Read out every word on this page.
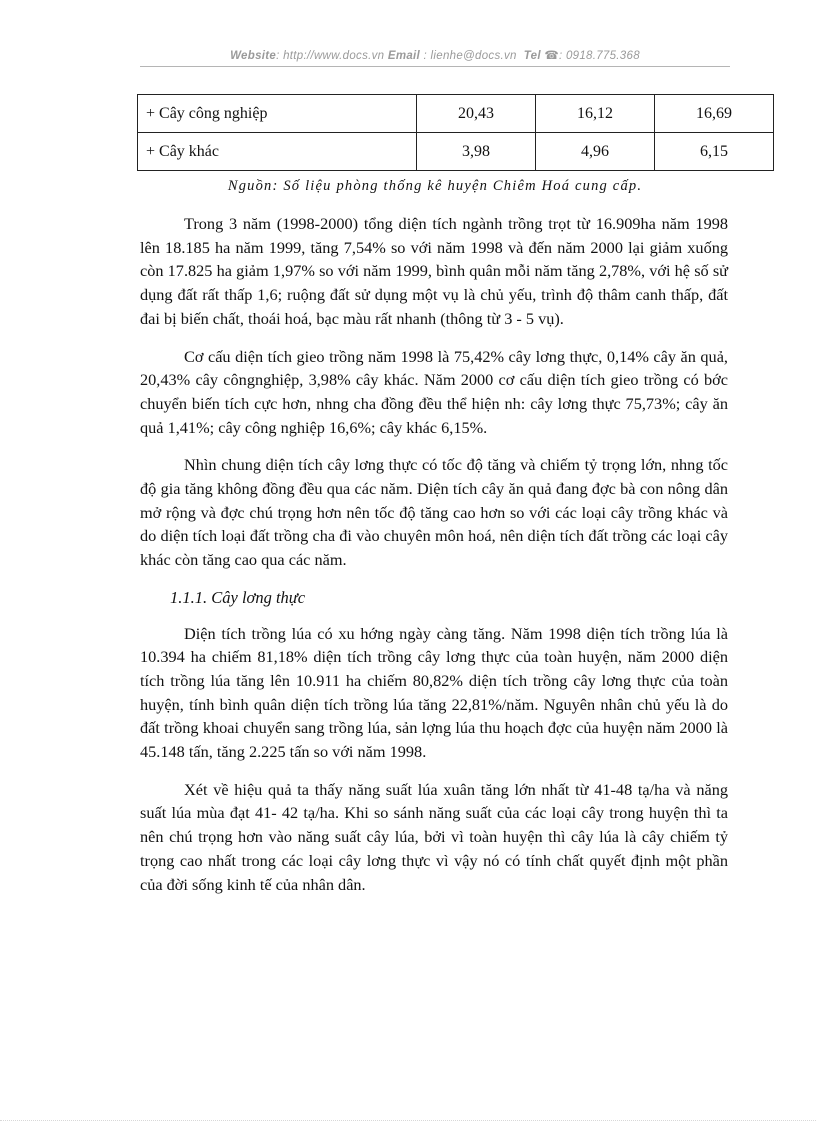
Website: http://www.docs.vn Email : lienhe@docs.vn Tel ☎: 0918.775.368
+ Cây công nghiệp	20,43	16,12	16,69
+ Cây khác	3,98	4,96	6,15
Nguồn: Số liệu phòng thống kê huyện Chiêm Hoá cung cấp.

Trong 3 năm (1998-2000) tổng diện tích ngành trồng trọt từ 16.909ha năm 1998 lên 18.185 ha năm 1999, tăng 7,54% so với năm 1998 và đến năm 2000 lại giảm xuống còn 17.825 ha giảm 1,97% so với năm 1999, bình quân mỗi năm tăng 2,78%, với hệ số sử dụng đất rất thấp 1,6; ruộng đất sử dụng một vụ là chủ yếu, trình độ thâm canh thấp, đất đai bị biến chất, thoái hoá, bạc màu rất nhanh (thông từ 3 - 5 vụ).

Cơ cấu diện tích gieo trồng năm 1998 là 75,42% cây lơng thực, 0,14% cây ăn quả, 20,43% cây côngnghiệp, 3,98% cây khác. Năm 2000 cơ cấu diện tích gieo trồng có bớc chuyển biến tích cực hơn, nhng cha đồng đều thể hiện nh: cây lơng thực 75,73%; cây ăn quả 1,41%; cây công nghiệp 16,6%; cây khác 6,15%.

Nhìn chung diện tích cây lơng thực có tốc độ tăng và chiếm tỷ trọng lớn, nhng tốc độ gia tăng không đồng đều qua các năm. Diện tích cây ăn quả đang đợc bà con nông dân mở rộng và đợc chú trọng hơn nên tốc độ tăng cao hơn so với các loại cây trồng khác và do diện tích loại đất trồng cha đi vào chuyên môn hoá, nên diện tích đất trồng các loại cây khác còn tăng cao qua các năm.

1.1.1. Cây lơng thực

Diện tích trồng lúa có xu hớng ngày càng tăng. Năm 1998 diện tích trồng lúa là 10.394 ha chiếm 81,18% diện tích trồng cây lơng thực của toàn huyện, năm 2000 diện tích trồng lúa tăng lên 10.911 ha chiếm 80,82% diện tích trồng cây lơng thực của toàn huyện, tính bình quân diện tích trồng lúa tăng 22,81%/năm. Nguyên nhân chủ yếu là do đất trồng khoai chuyển sang trồng lúa, sản lợng lúa thu hoạch đợc của huyện năm 2000 là 45.148 tấn, tăng 2.225 tấn so với năm 1998.

Xét về hiệu quả ta thấy năng suất lúa xuân tăng lớn nhất từ 41-48 tạ/ha và năng suất lúa mùa đạt 41- 42 tạ/ha. Khi so sánh năng suất của các loại cây trong huyện thì ta nên chú trọng hơn vào năng suất cây lúa, bởi vì toàn huyện thì cây lúa là cây chiếm tỷ trọng cao nhất trong các loại cây lơng thực vì vậy nó có tính chất quyết định một phần của đời sống kinh tế của nhân dân.
